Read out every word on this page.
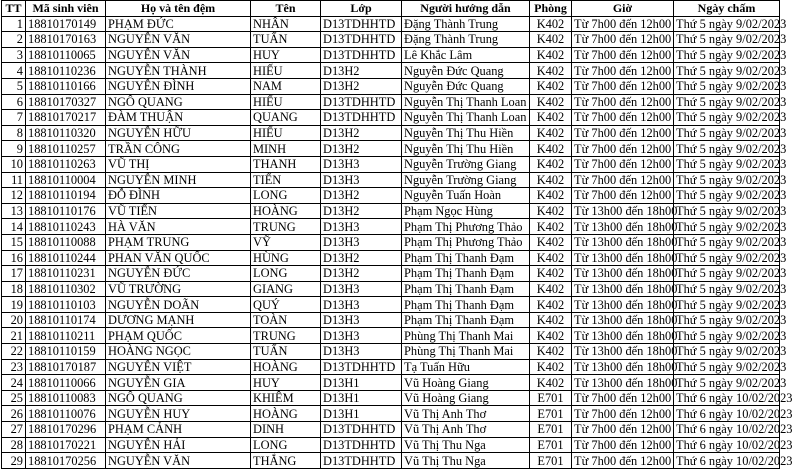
TT	Mã sinh viên	Họ và tên đệm	Tên	Lớp	Người hướng dẫn	Phòng	Giờ	Ngày chấm
1	18810170149	PHẠM ĐỨC	NHÂN	D13TDHHTD	Đặng Thành Trung	K402	Từ 7h00 đến 12h00	Thứ 5 ngày 9/02/2023
2	18810170163	NGUYỄN VĂN	TUẤN	D13TDHHTD	Đặng Thành Trung	K402	Từ 7h00 đến 12h00	Thứ 5 ngày 9/02/2023
3	18810110065	NGUYỄN VĂN	HUY	D13TDHHTD	Lê Khắc Lâm	K402	Từ 7h00 đến 12h00	Thứ 5 ngày 9/02/2023
4	18810110236	NGUYỄN THÀNH	HIẾU	D13H2	Nguyễn Đức Quang	K402	Từ 7h00 đến 12h00	Thứ 5 ngày 9/02/2023
5	18810110166	NGUYỄN ĐÌNH	NAM	D13H2	Nguyễn Đức Quang	K402	Từ 7h00 đến 12h00	Thứ 5 ngày 9/02/2023
6	18810170327	NGÔ QUANG	HIẾU	D13TDHHTD	Nguyễn Thị Thanh Loan	K402	Từ 7h00 đến 12h00	Thứ 5 ngày 9/02/2023
7	18810170217	ĐÀM THUẬN	QUANG	D13TDHHTD	Nguyễn Thị Thanh Loan	K402	Từ 7h00 đến 12h00	Thứ 5 ngày 9/02/2023
8	18810110320	NGUYỄN HỮU	HIẾU	D13H2	Nguyễn Thị Thu Hiền	K402	Từ 7h00 đến 12h00	Thứ 5 ngày 9/02/2023
9	18810110257	TRẦN CÔNG	MINH	D13H2	Nguyễn Thị Thu Hiền	K402	Từ 7h00 đến 12h00	Thứ 5 ngày 9/02/2023
10	18810110263	VŨ THỊ	THANH	D13H3	Nguyễn Trường Giang	K402	Từ 7h00 đến 12h00	Thứ 5 ngày 9/02/2023
11	18810110004	NGUYỄN MINH	TIẾN	D13H3	Nguyễn Trường Giang	K402	Từ 7h00 đến 12h00	Thứ 5 ngày 9/02/2023
12	18810110194	ĐỖ ĐÌNH	LONG	D13H2	Nguyễn Tuấn Hoàn	K402	Từ 7h00 đến 12h00	Thứ 5 ngày 9/02/2023
13	18810110176	VŨ TIẾN	HOÀNG	D13H2	Phạm Ngọc Hùng	K402	Từ 13h00 đến 18h00	Thứ 5 ngày 9/02/2023
14	18810110243	HÀ VĂN	TRUNG	D13H3	Phạm Thị Phương Thảo	K402	Từ 13h00 đến 18h00	Thứ 5 ngày 9/02/2023
15	18810110088	PHẠM TRUNG	VỸ	D13H3	Phạm Thị Phương Thảo	K402	Từ 13h00 đến 18h00	Thứ 5 ngày 9/02/2023
16	18810110244	PHAN VĂN QUỐC	HÙNG	D13H2	Phạm Thị Thanh Đạm	K402	Từ 13h00 đến 18h00	Thứ 5 ngày 9/02/2023
17	18810110231	NGUYỄN ĐỨC	LONG	D13H2	Phạm Thị Thanh Đạm	K402	Từ 13h00 đến 18h00	Thứ 5 ngày 9/02/2023
18	18810110302	VŨ TRƯỜNG	GIANG	D13H3	Phạm Thị Thanh Đạm	K402	Từ 13h00 đến 18h00	Thứ 5 ngày 9/02/2023
19	18810110103	NGUYỄN DOÃN	QUÝ	D13H3	Phạm Thị Thanh Đạm	K402	Từ 13h00 đến 18h00	Thứ 5 ngày 9/02/2023
20	18810110174	DƯƠNG MẠNH	TOÀN	D13H3	Phạm Thị Thanh Đạm	K402	Từ 13h00 đến 18h00	Thứ 5 ngày 9/02/2023
21	18810110211	PHẠM QUỐC	TRUNG	D13H3	Phùng Thị Thanh Mai	K402	Từ 13h00 đến 18h00	Thứ 5 ngày 9/02/2023
22	18810110159	HOÀNG NGỌC	TUẤN	D13H3	Phùng Thị Thanh Mai	K402	Từ 13h00 đến 18h00	Thứ 5 ngày 9/02/2023
23	18810170187	NGUYỄN VIỆT	HOÀNG	D13TDHHTD	Tạ Tuấn Hữu	K402	Từ 13h00 đến 18h00	Thứ 5 ngày 9/02/2023
24	18810110066	NGUYỄN GIA	HUY	D13H1	Vũ Hoàng Giang	K402	Từ 13h00 đến 18h00	Thứ 5 ngày 9/02/2023
25	18810110083	NGÔ QUANG	KHIÊM	D13H1	Vũ Hoàng Giang	E701	Từ 7h00 đến 12h00	Thứ 6 ngày 10/02/2023
26	18810110076	NGUYỄN HUY	HOÀNG	D13H1	Vũ Thị Anh Thơ	E701	Từ 7h00 đến 12h00	Thứ 6 ngày 10/02/2023
27	18810170296	PHẠM CẢNH	DINH	D13TDHHTD	Vũ Thị Anh Thơ	E701	Từ 7h00 đến 12h00	Thứ 6 ngày 10/02/2023
28	18810170221	NGUYỄN HẢI	LONG	D13TDHHTD	Vũ Thị Thu Nga	E701	Từ 7h00 đến 12h00	Thứ 6 ngày 10/02/2023
29	18810170256	NGUYỄN VĂN	THẮNG	D13TDHHTD	Vũ Thị Thu Nga	E701	Từ 7h00 đến 12h00	Thứ 6 ngày 10/02/2023
